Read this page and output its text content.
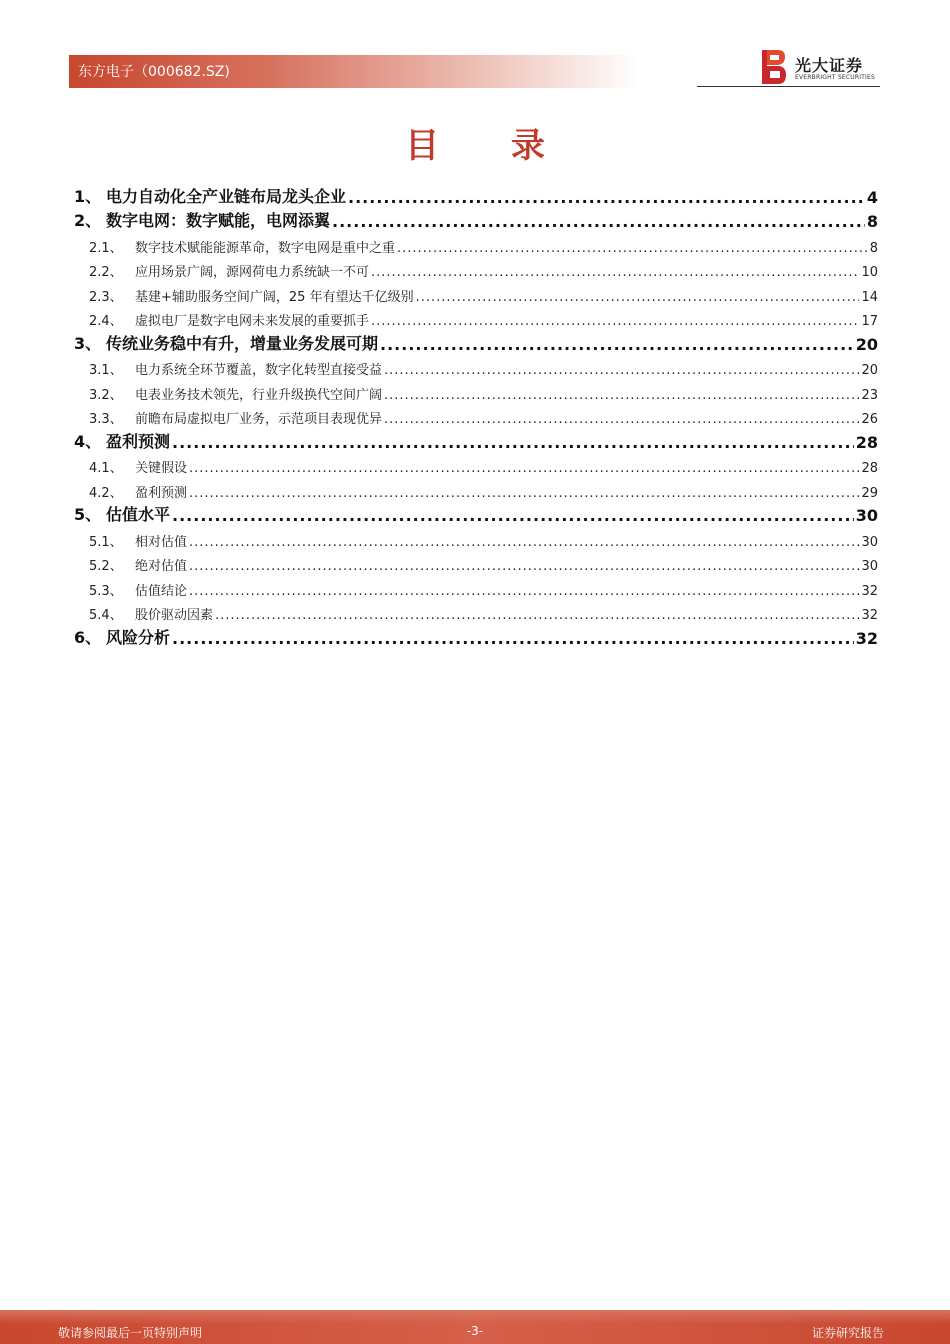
东方电子（000682.SZ)	光大证券
EVERBRIGHT SECURITIES
目 录
1、 电力自动化全产业链布局龙头企业 .....	4
2、 数字电网：数字赋能，电网添翼 .....	8
2.1、 数字技术赋能能源革命，数字电网是重中之重 .....	8
2.2、 应用场景广阔，源网荷电力系统缺一不可 .....	10
2.3、 基建+辅助服务空间广阔，25 年有望达千亿级别 .....	14
2.4、 虚拟电厂是数字电网未来发展的重要抓手 .....	17
3、 传统业务稳中有升，增量业务发展可期 .....	20
3.1、 电力系统全环节覆盖，数字化转型直接受益 .....	20
3.2、 电表业务技术领先，行业升级换代空间广阔 .....	23
3.3、 前瞻布局虚拟电厂业务，示范项目表现优异 .....	26
4、 盈利预测 .....	28
4.1、 关键假设 .....	28
4.2、 盈利预测 .....	29
5、 估值水平 .....	30
5.1、 相对估值 .....	30
5.2、 绝对估值 .....	30
5.3、 估值结论 .....	32
5.4、 股价驱动因素 .....	32
6、 风险分析 .....	32
敬请参阅最后一页特别声明	-3-	证券研究报告
